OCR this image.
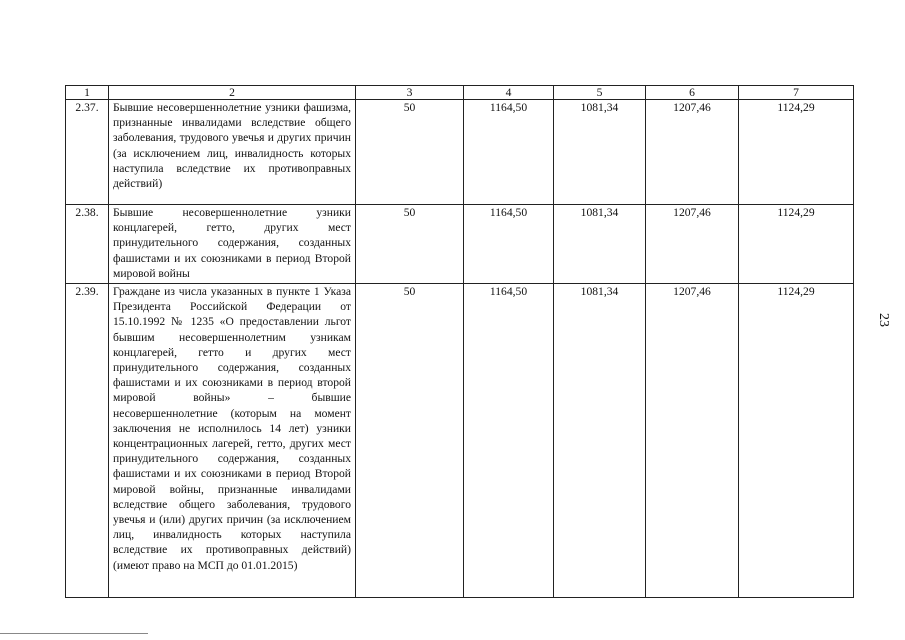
1	2	3	4	5	6	7
2.37.	Бывшие несовершеннолетние узники фашизма, признанные инвалидами вследствие общего заболевания, трудового увечья и других причин (за исключением лиц, инвалидность которых наступила вследствие их противоправных действий)	50	1164,50	1081,34	1207,46	1124,29
2.38.	Бывшие несовершеннолетние узники концлагерей, гетто, других мест принудительного содержания, созданных фашистами и их союзниками в период Второй мировой войны	50	1164,50	1081,34	1207,46	1124,29
2.39.	Граждане из числа указанных в пункте 1 Указа Президента Российской Федерации от 15.10.1992 № 1235 «О предоставлении льгот бывшим несовершеннолетним узникам концлагерей, гетто и других мест принудительного содержания, созданных фашистами и их союзниками в период второй мировой войны» – бывшие несовершеннолетние (которым на момент заключения не исполнилось 14 лет) узники концентрационных лагерей, гетто, других мест принудительного содержания, созданных фашистами и их союзниками в период Второй мировой войны, признанные инвалидами вследствие общего заболевания, трудового увечья и (или) других причин (за исключением лиц, инвалидность которых наступила вследствие их противоправных действий) (имеют право на МСП до 01.01.2015)	50	1164,50	1081,34	1207,46	1124,29
23
